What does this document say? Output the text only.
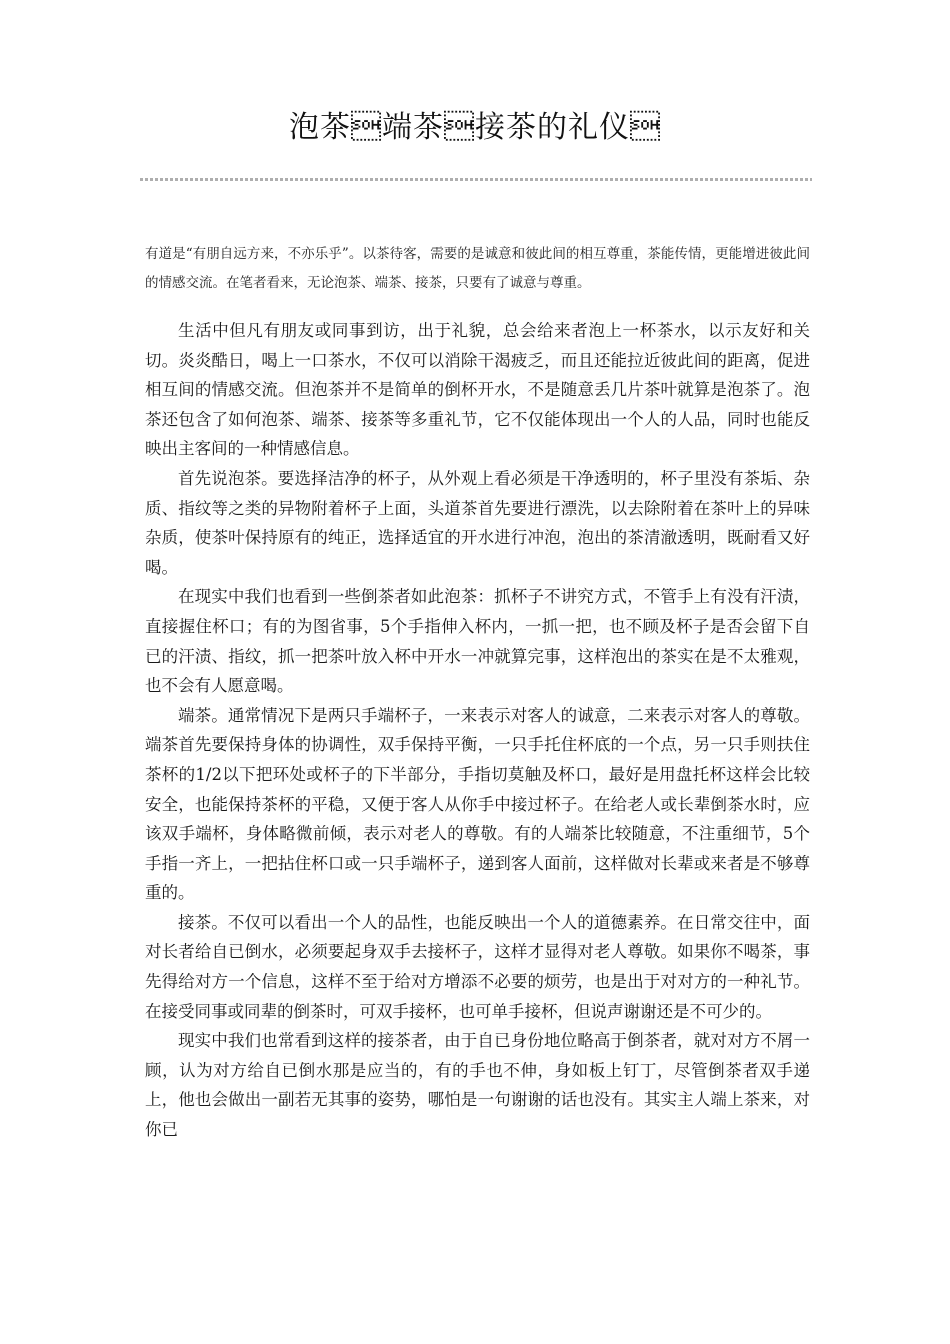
泡茶端茶接茶的礼仪

有道是“有朋自远方来，不亦乐乎”。以茶待客，需要的是诚意和彼此间的相互尊重，茶能传情，更能增进彼此间的情感交流。在笔者看来，无论泡茶、端茶、接茶，只要有了诚意与尊重。

生活中但凡有朋友或同事到访，出于礼貌，总会给来者泡上一杯茶水，以示友好和关切。炎炎酷日，喝上一口茶水，不仅可以消除干渴疲乏，而且还能拉近彼此间的距离，促进相互间的情感交流。但泡茶并不是简单的倒杯开水，不是随意丢几片茶叶就算是泡茶了。泡茶还包含了如何泡茶、端茶、接茶等多重礼节，它不仅能体现出一个人的人品，同时也能反映出主客间的一种情感信息。

首先说泡茶。要选择洁净的杯子，从外观上看必须是干净透明的，杯子里没有茶垢、杂质、指纹等之类的异物附着杯子上面，头道茶首先要进行漂洗，以去除附着在茶叶上的异味杂质，使茶叶保持原有的纯正，选择适宜的开水进行冲泡，泡出的茶清澈透明，既耐看又好喝。

在现实中我们也看到一些倒茶者如此泡茶：抓杯子不讲究方式，不管手上有没有汗渍，直接握住杯口；有的为图省事，5个手指伸入杯内，一抓一把，也不顾及杯子是否会留下自已的汗渍、指纹，抓一把茶叶放入杯中开水一冲就算完事，这样泡出的茶实在是不太雅观，也不会有人愿意喝。

端茶。通常情况下是两只手端杯子，一来表示对客人的诚意，二来表示对客人的尊敬。端茶首先要保持身体的协调性，双手保持平衡，一只手托住杯底的一个点，另一只手则扶住茶杯的1/2以下把环处或杯子的下半部分，手指切莫触及杯口，最好是用盘托杯这样会比较安全，也能保持茶杯的平稳，又便于客人从你手中接过杯子。在给老人或长辈倒茶水时，应该双手端杯，身体略微前倾，表示对老人的尊敬。有的人端茶比较随意，不注重细节，5个手指一齐上，一把拈住杯口或一只手端杯子，递到客人面前，这样做对长辈或来者是不够尊重的。

接茶。不仅可以看出一个人的品性，也能反映出一个人的道德素养。在日常交往中，面对长者给自已倒水，必须要起身双手去接杯子，这样才显得对老人尊敬。如果你不喝茶，事先得给对方一个信息，这样不至于给对方增添不必要的烦劳，也是出于对对方的一种礼节。在接受同事或同辈的倒茶时，可双手接杯，也可单手接杯，但说声谢谢还是不可少的。

现实中我们也常看到这样的接茶者，由于自已身份地位略高于倒茶者，就对对方不屑一顾，认为对方给自已倒水那是应当的，有的手也不伸，身如板上钉丁，尽管倒茶者双手递上，他也会做出一副若无其事的姿势，哪怕是一句谢谢的话也没有。其实主人端上茶来，对你已
